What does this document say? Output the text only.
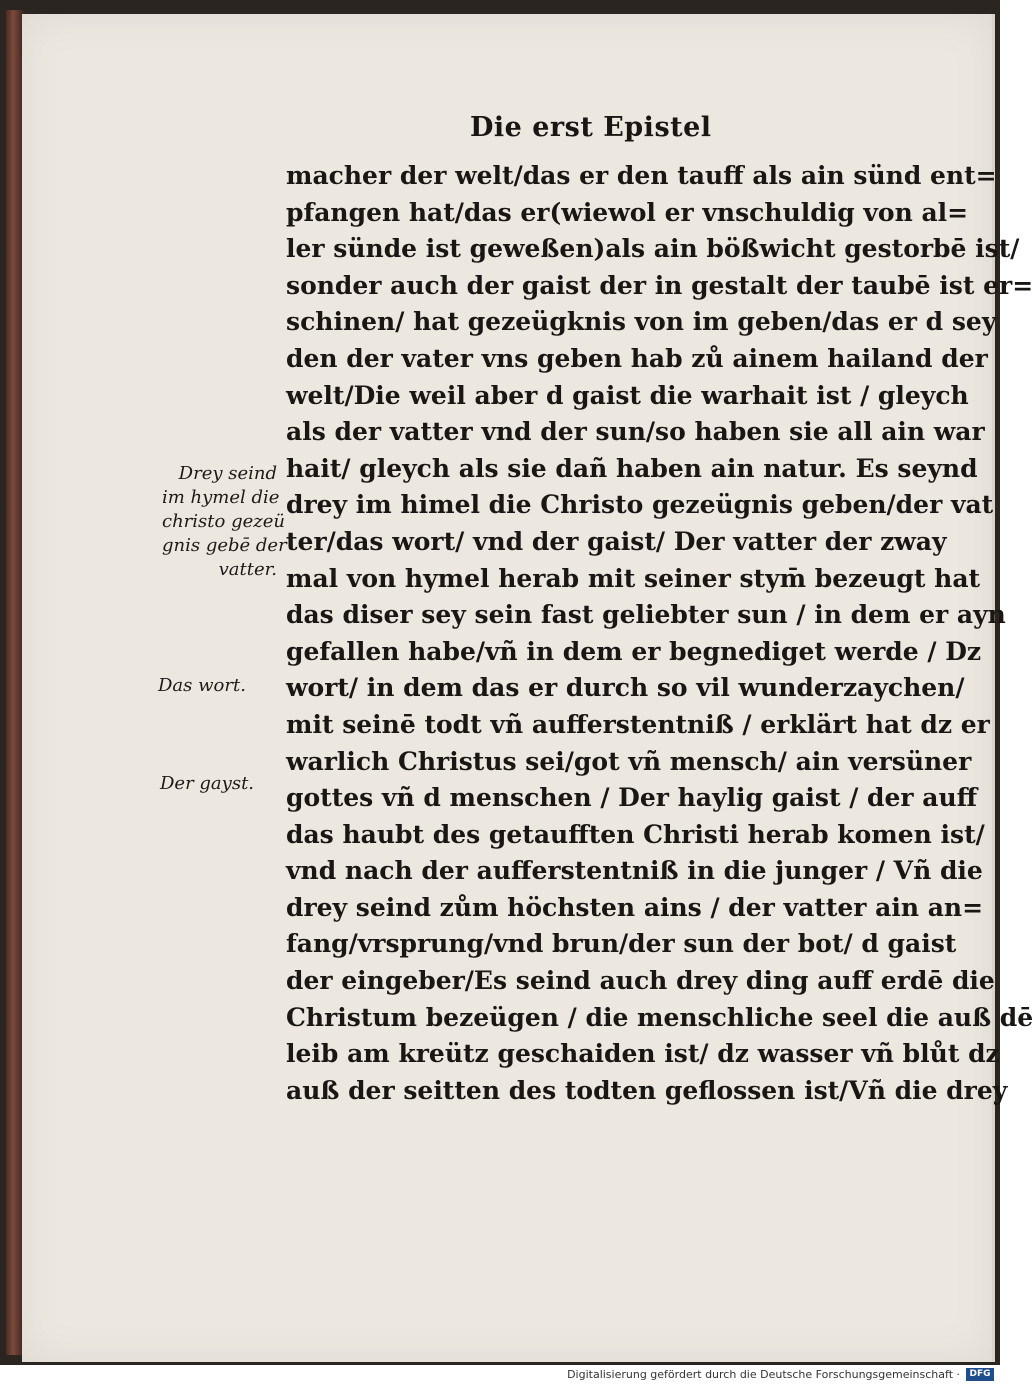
Die erst Epistel
macher der welt/das er den tauff als ain sünd ent=
pfangen hat/das er(wiewol er vnschuldig von al=
ler sünde ist geweßen)als ain bößwicht gestorbē ist/
sonder auch der gaist der in gestalt der taubē ist er=
schinen/ hat gezeügknis von im geben/das er d sey
den der vater vns geben hab zů ainem hailand der
welt/Die weil aber d gaist die warhait ist / gleych
als der vatter vnd der sun/so haben sie all ain war
hait/ gleych als sie dañ haben ain natur. Es seynd
drey im himel die Christo gezeügnis geben/der vat
ter/das wort/ vnd der gaist/ Der vatter der zway
mal von hymel herab mit seiner stym̄ bezeugt hat
das diser sey sein fast geliebter sun / in dem er ayn
gefallen habe/vñ in dem er begnediget werde / Dz
wort/ in dem das er durch so vil wunderzaychen/
mit seinē todt vñ aufferstentniß / erklärt hat dz er
warlich Christus sei/got vñ mensch/ ain versüner
gottes vñ d menschen / Der haylig gaist / der auff
das haubt des getaufften Christi herab komen ist/
vnd nach der aufferstentniß in die junger / Vñ die
drey seind zům höchsten ains / der vatter ain an=
fang/vrsprung/vnd brun/der sun der bot/ d gaist
der eingeber/Es seind auch drey ding auff erdē die
Christum bezeügen / die menschliche seel die auß dē
leib am kreütz geschaiden ist/ dz wasser vñ blůt dz
auß der seitten des todten geflossen ist/Vñ die drey
Drey seind
im hymel die
christo gezeü
gnis gebē der
vatter.
Das wort.
Der gayst.
Digitalisierung gefördert durch die Deutsche Forschungsgemeinschaft ·	DFG
